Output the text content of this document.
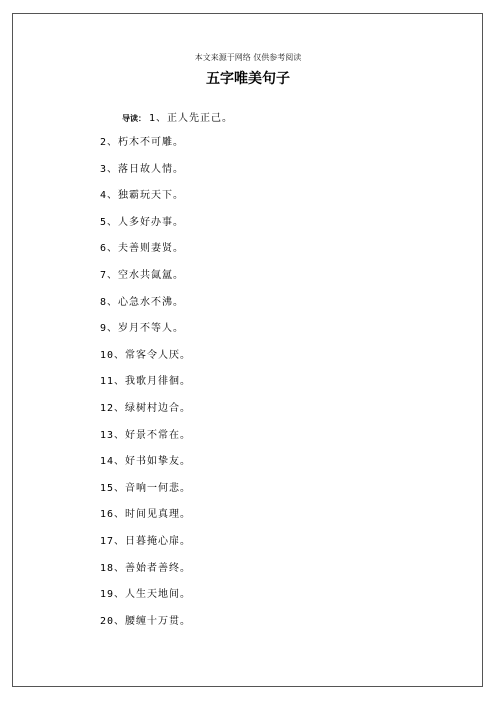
本文来源于网络 仅供参考阅读
五字唯美句子
导读： 1、正人先正己。
2、朽木不可雕。
3、落日故人情。
4、独霸玩天下。
5、人多好办事。
6、夫善则妻贤。
7、空水共氤氲。
8、心急水不沸。
9、岁月不等人。
10、常客令人厌。
11、我歌月徘徊。
12、绿树村边合。
13、好景不常在。
14、好书如挚友。
15、音响一何悲。
16、时间见真理。
17、日暮掩心扉。
18、善始者善终。
19、人生天地间。
20、腰缠十万贯。
